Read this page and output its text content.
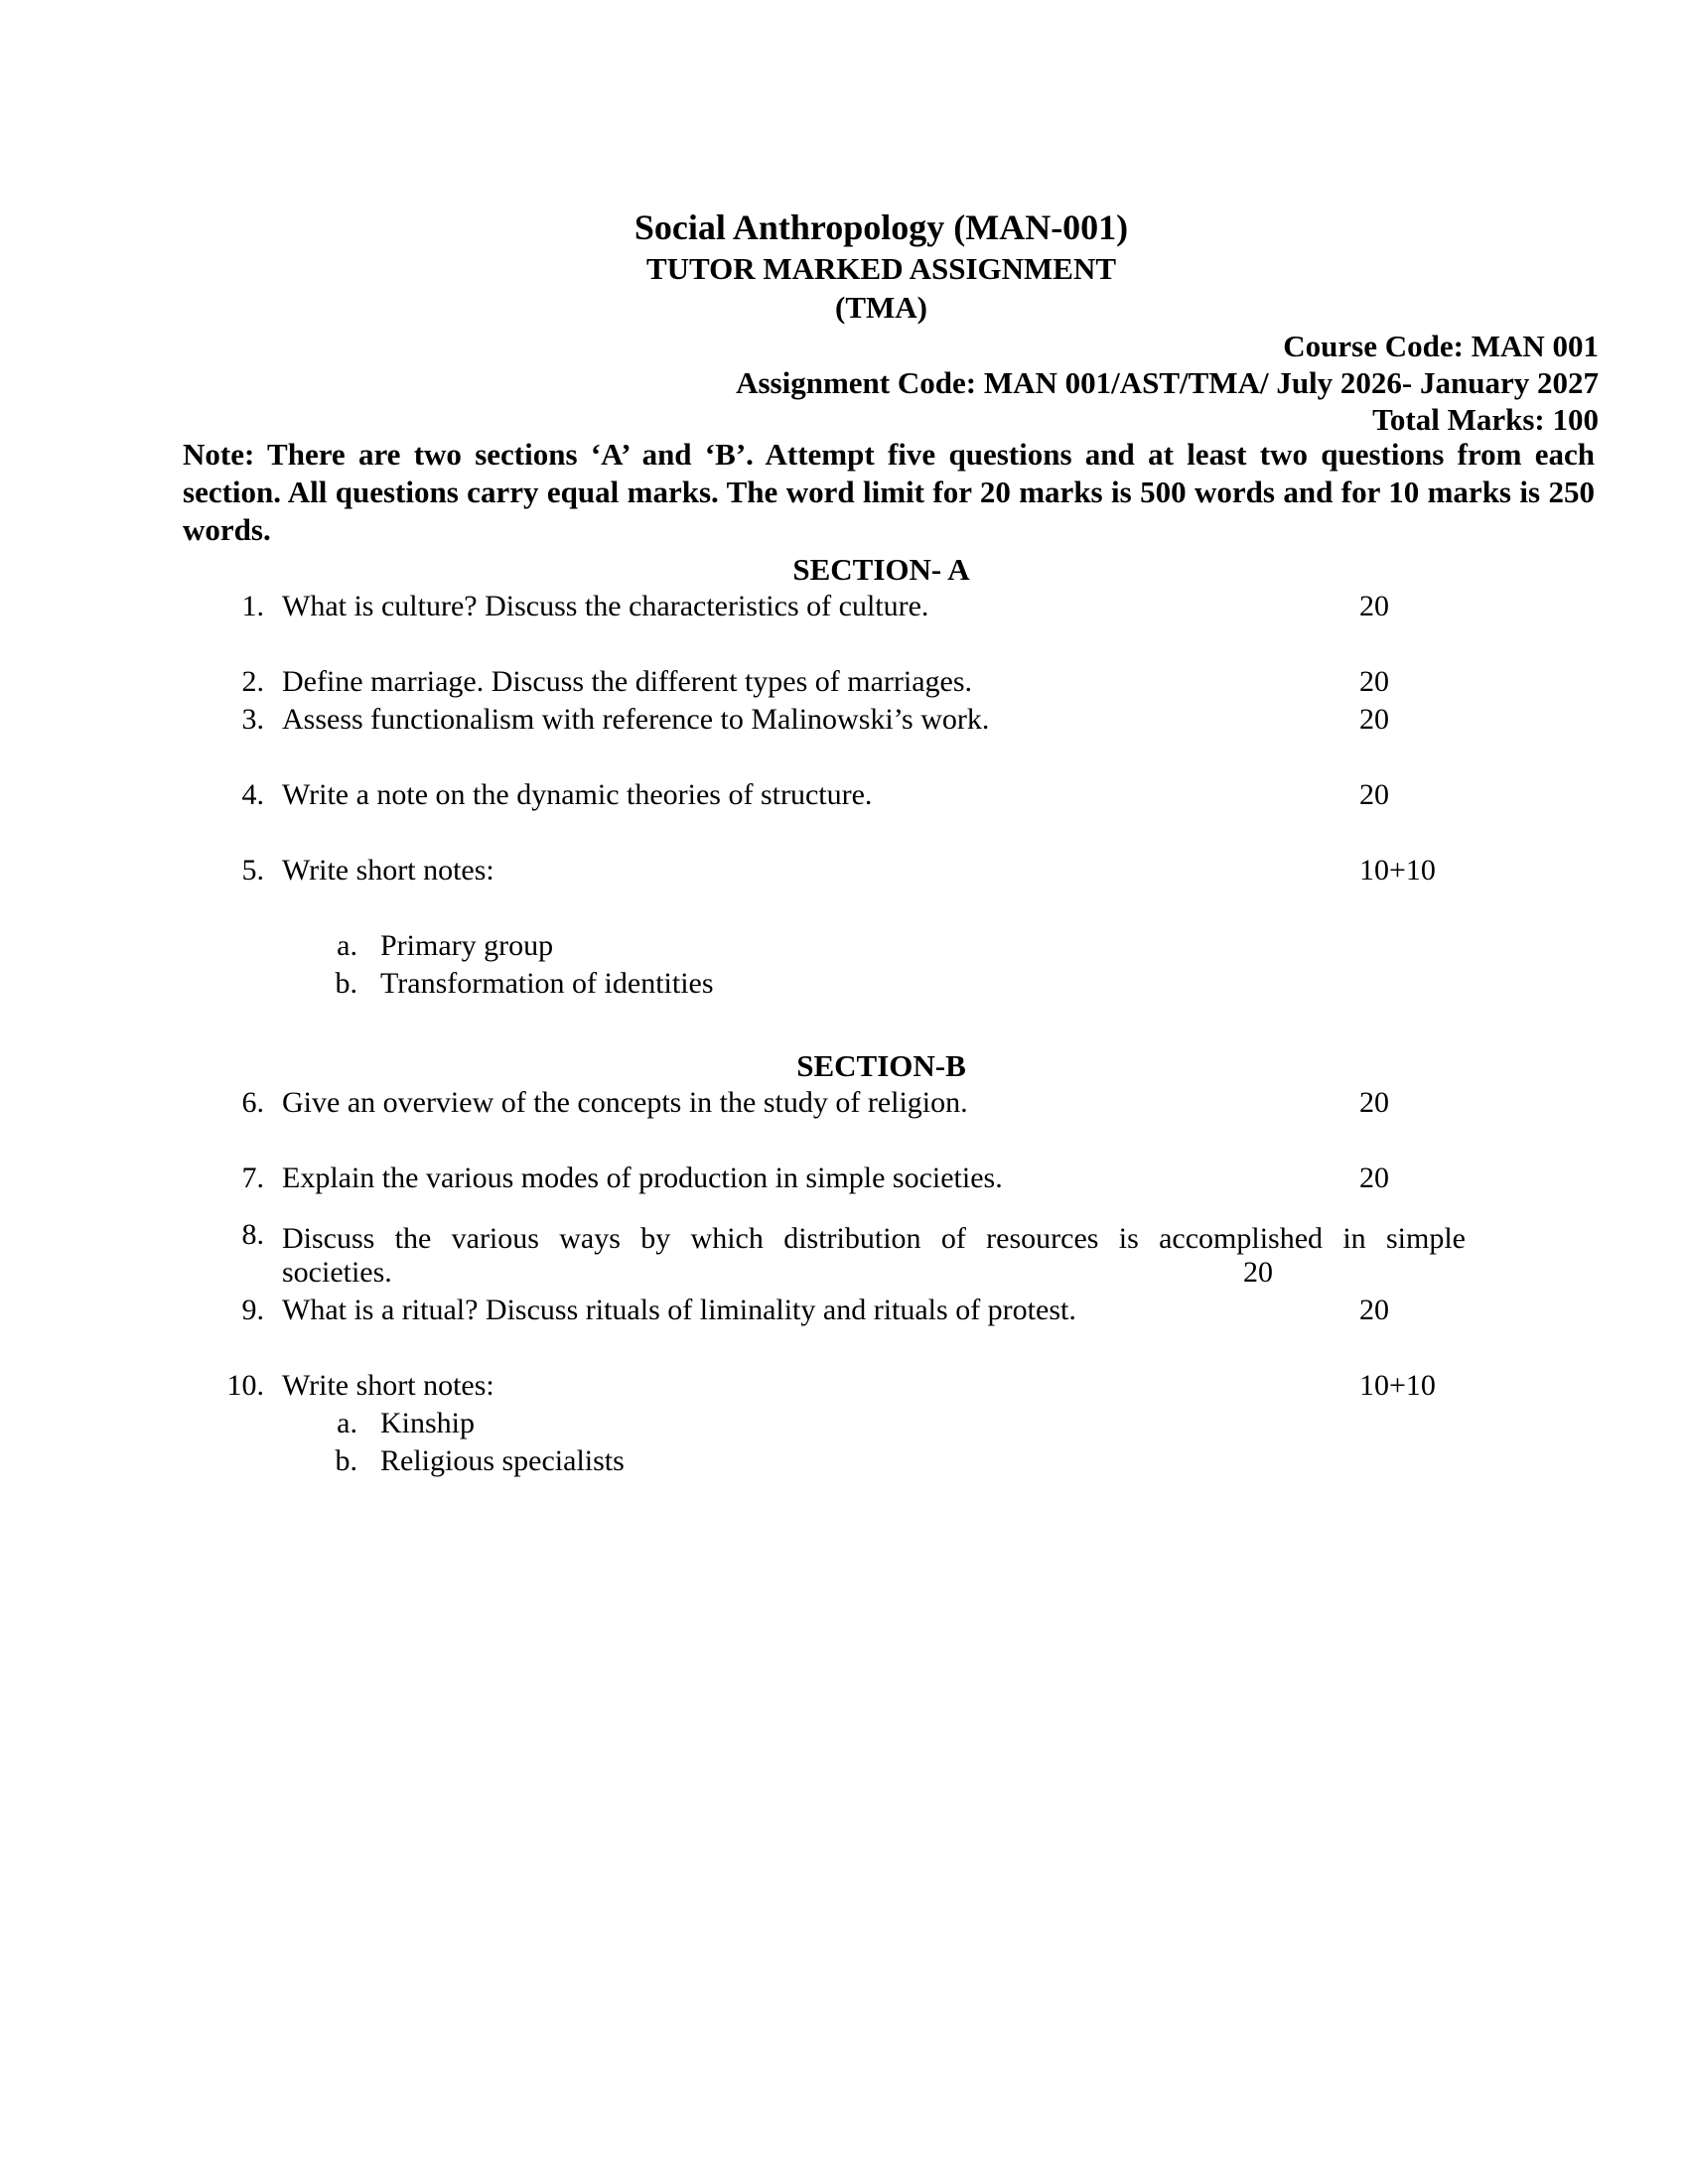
Social Anthropology (MAN-001)
TUTOR MARKED ASSIGNMENT
(TMA)
Course Code: MAN 001
Assignment Code: MAN 001/AST/TMA/ July 2026- January 2027
Total Marks: 100
Note: There are two sections ‘A’ and ‘B’. Attempt five questions and at least two questions from each section. All questions carry equal marks. The word limit for 20 marks is 500 words and for 10 marks is 250 words.
SECTION- A
1. What is culture? Discuss the characteristics of culture.	20
2. Define marriage. Discuss the different types of marriages.	20
3. Assess functionalism with reference to Malinowski’s work.	20
4. Write a note on the dynamic theories of structure.	20
5. Write short notes:	10+10
a. Primary group
b. Transformation of identities
SECTION-B
6. Give an overview of the concepts in the study of religion.	20
7. Explain the various modes of production in simple societies.	20
8. Discuss the various ways by which distribution of resources is accomplished in simple
societies.	20
9. What is a ritual? Discuss rituals of liminality and rituals of protest.	20
10. Write short notes:	10+10
a. Kinship
b. Religious specialists
